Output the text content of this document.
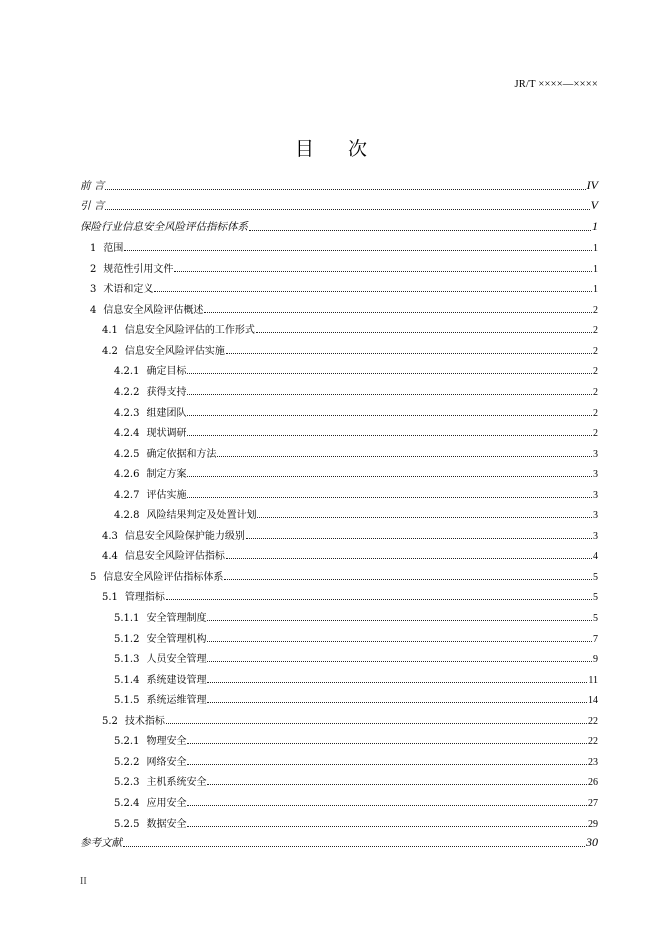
JR/T ××××—××××
目 次
前 言	IV
引 言	V
保险行业信息安全风险评估指标体系	1
1 范围	1
2 规范性引用文件	1
3 术语和定义	1
4 信息安全风险评估概述	2
4.1 信息安全风险评估的工作形式	2
4.2 信息安全风险评估实施	2
4.2.1 确定目标	2
4.2.2 获得支持	2
4.2.3 组建团队	2
4.2.4 现状调研	2
4.2.5 确定依据和方法	3
4.2.6 制定方案	3
4.2.7 评估实施	3
4.2.8 风险结果判定及处置计划	3
4.3 信息安全风险保护能力级别	3
4.4 信息安全风险评估指标	4
5 信息安全风险评估指标体系	5
5.1 管理指标	5
5.1.1 安全管理制度	5
5.1.2 安全管理机构	7
5.1.3 人员安全管理	9
5.1.4 系统建设管理	11
5.1.5 系统运维管理	14
5.2 技术指标	22
5.2.1 物理安全	22
5.2.2 网络安全	23
5.2.3 主机系统安全	26
5.2.4 应用安全	27
5.2.5 数据安全	29
参考文献	30
II
